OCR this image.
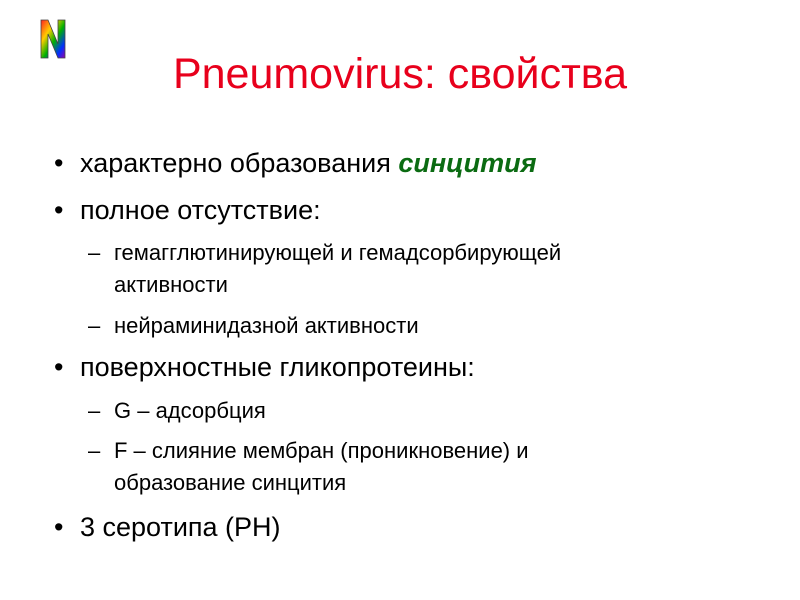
Pneumovirus: свойства
• характерно образования синцития
• полное отсутствие:
– гемагглютинирующей и гемадсорбирующей
активности
– нейраминидазной активности
• поверхностные гликопротеины:
– G – адсорбция
– F – слияние мембран (проникновение) и
образование синцития
• 3 серотипа (PH)
